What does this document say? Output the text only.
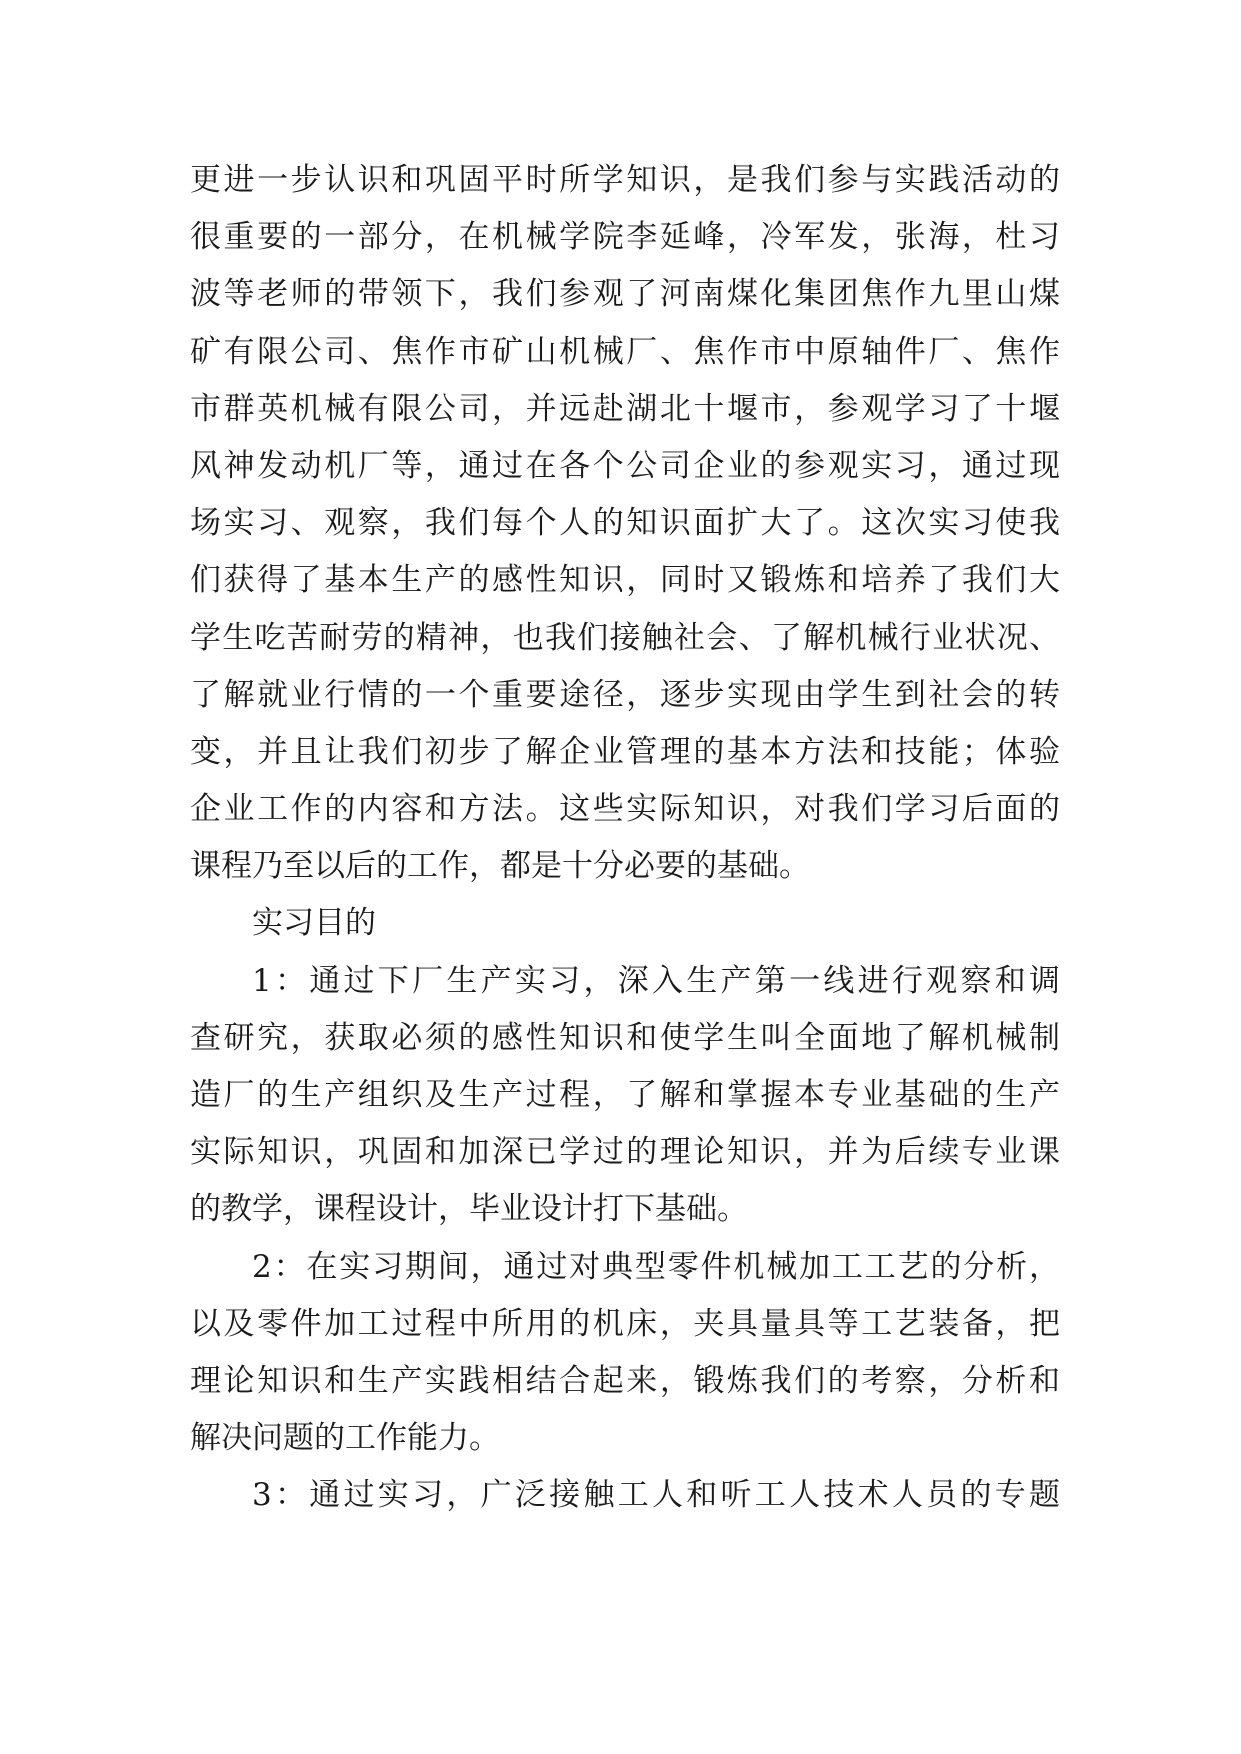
更进一步认识和巩固平时所学知识，是我们参与实践活动的
很重要的一部分，在机械学院李延峰，冷军发，张海，杜习
波等老师的带领下，我们参观了河南煤化集团焦作九里山煤
矿有限公司、焦作市矿山机械厂、焦作市中原轴件厂、焦作
市群英机械有限公司，并远赴湖北十堰市，参观学习了十堰
风神发动机厂等，通过在各个公司企业的参观实习，通过现
场实习、观察，我们每个人的知识面扩大了。这次实习使我
们获得了基本生产的感性知识，同时又锻炼和培养了我们大
学生吃苦耐劳的精神，也我们接触社会、了解机械行业状况、
了解就业行情的一个重要途径，逐步实现由学生到社会的转
变，并且让我们初步了解企业管理的基本方法和技能；体验
企业工作的内容和方法。这些实际知识，对我们学习后面的
课程乃至以后的工作，都是十分必要的基础。
实习目的
1：通过下厂生产实习，深入生产第一线进行观察和调
查研究，获取必须的感性知识和使学生叫全面地了解机械制
造厂的生产组织及生产过程，了解和掌握本专业基础的生产
实际知识，巩固和加深已学过的理论知识，并为后续专业课
的教学，课程设计，毕业设计打下基础。
2：在实习期间，通过对典型零件机械加工工艺的分析，
以及零件加工过程中所用的机床，夹具量具等工艺装备，把
理论知识和生产实践相结合起来，锻炼我们的考察，分析和
解决问题的工作能力。
3：通过实习，广泛接触工人和听工人技术人员的专题
